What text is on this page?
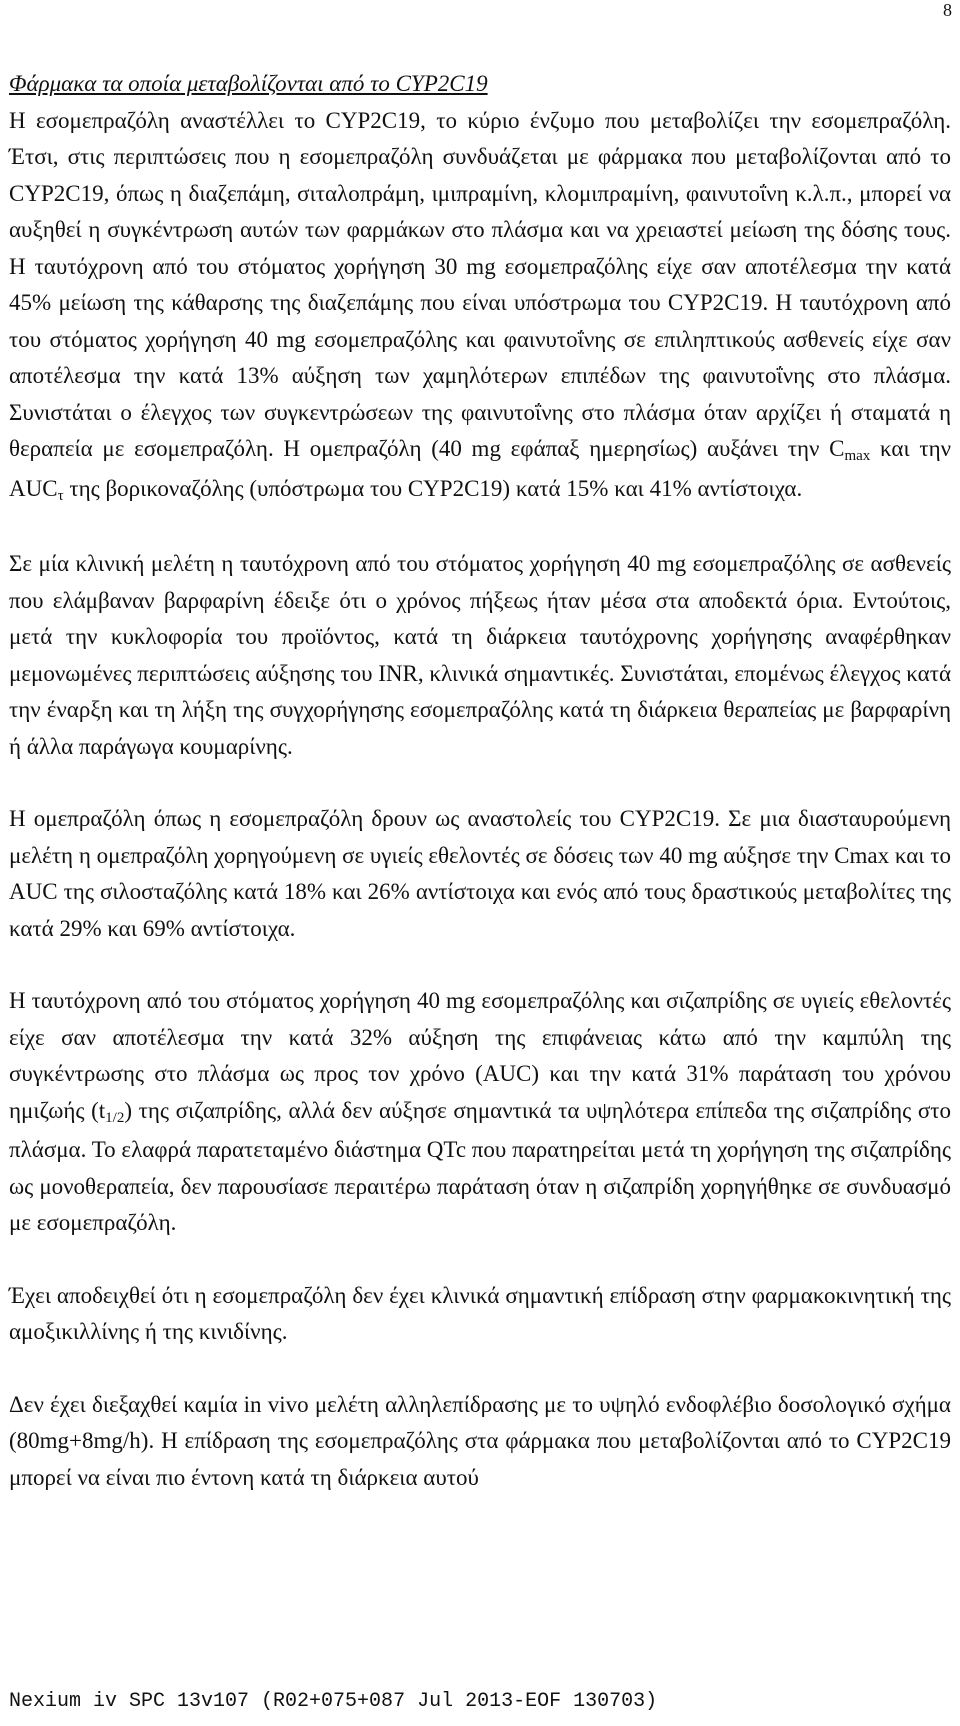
8
Φάρμακα τα οποία μεταβολίζονται από το CYP2C19

Η εσομεπραζόλη αναστέλλει το CYP2C19, το κύριο ένζυμο που μεταβολίζει την εσομεπραζόλη. Έτσι, στις περιπτώσεις που η εσομεπραζόλη συνδυάζεται με φάρμακα που μεταβολίζονται από το CYP2C19, όπως η διαζεπάμη, σιταλοπράμη, ιμιπραμίνη, κλομιπραμίνη, φαινυτοΐνη κ.λ.π., μπορεί να αυξηθεί η συγκέντρωση αυτών των φαρμάκων στο πλάσμα και να χρειαστεί μείωση της δόσης τους. Η ταυτόχρονη από του στόματος χορήγηση 30 mg εσομεπραζόλης είχε σαν αποτέλεσμα την κατά 45% μείωση της κάθαρσης της διαζεπάμης που είναι υπόστρωμα του CYP2C19. Η ταυτόχρονη από του στόματος χορήγηση 40 mg εσομεπραζόλης και φαινυτοΐνης σε επιληπτικούς ασθενείς είχε σαν αποτέλεσμα την κατά 13% αύξηση των χαμηλότερων επιπέδων της φαινυτοΐνης στο πλάσμα. Συνιστάται ο έλεγχος των συγκεντρώσεων της φαινυτοΐνης στο πλάσμα όταν αρχίζει ή σταματά η θεραπεία με εσομεπραζόλη. Η ομεπραζόλη (40 mg εφάπαξ ημερησίως) αυξάνει την $C_{max}$ και την $AUC_\tau$ της βορικοναζόλης (υπόστρωμα του CYP2C19) κατά 15% και 41% αντίστοιχα.

Σε μία κλινική μελέτη η ταυτόχρονη από του στόματος χορήγηση 40 mg εσομεπραζόλης σε ασθενείς που ελάμβαναν βαρφαρίνη έδειξε ότι ο χρόνος πήξεως ήταν μέσα στα αποδεκτά όρια. Εντούτοις, μετά την κυκλοφορία του προϊόντος, κατά τη διάρκεια ταυτόχρονης χορήγησης αναφέρθηκαν μεμονωμένες περιπτώσεις αύξησης του INR, κλινικά σημαντικές. Συνιστάται, επομένως έλεγχος κατά την έναρξη και τη λήξη της συγχορήγησης εσομεπραζόλης κατά τη διάρκεια θεραπείας με βαρφαρίνη ή άλλα παράγωγα κουμαρίνης.

Η ομεπραζόλη όπως η εσομεπραζόλη δρουν ως αναστολείς του CYP2C19. Σε μια διασταυρούμενη μελέτη η ομεπραζόλη χορηγούμενη σε υγιείς εθελοντές σε δόσεις των 40 mg αύξησε την Cmax και το AUC της σιλοσταζόλης κατά 18% και 26% αντίστοιχα και ενός από τους δραστικούς μεταβολίτες της κατά 29% και 69% αντίστοιχα.

Η ταυτόχρονη από του στόματος χορήγηση 40 mg εσομεπραζόλης και σιζαπρίδης σε υγιείς εθελοντές είχε σαν αποτέλεσμα την κατά 32% αύξηση της επιφάνειας κάτω από την καμπύλη της συγκέντρωσης στο πλάσμα ως προς τον χρόνο (AUC) και την κατά 31% παράταση του χρόνου ημιζωής $(t_{1/2})$ της σιζαπρίδης, αλλά δεν αύξησε σημαντικά τα υψηλότερα επίπεδα της σιζαπρίδης στο πλάσμα. Το ελαφρά παρατεταμένο διάστημα QTc που παρατηρείται μετά τη χορήγηση της σιζαπρίδης ως μονοθεραπεία, δεν παρουσίασε περαιτέρω παράταση όταν η σιζαπρίδη χορηγήθηκε σε συνδυασμό με εσομεπραζόλη.

Έχει αποδειχθεί ότι η εσομεπραζόλη δεν έχει κλινικά σημαντική επίδραση στην φαρμακοκινητική της αμοξικιλλίνης ή της κινιδίνης.

Δεν έχει διεξαχθεί καμία in vivo μελέτη αλληλεπίδρασης με το υψηλό ενδοφλέβιο δοσολογικό σχήμα (80mg+8mg/h). Η επίδραση της εσομεπραζόλης στα φάρμακα που μεταβολίζονται από το CYP2C19 μπορεί να είναι πιο έντονη κατά τη διάρκεια αυτού

Nexium iv SPC 13v107 (R02+075+087 Jul 2013-EOF 130703)
